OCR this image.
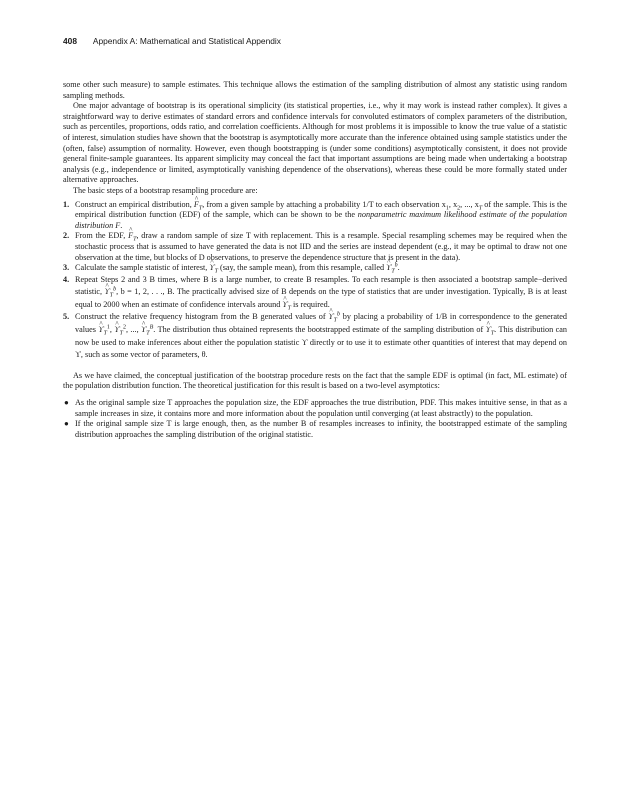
408 Appendix A: Mathematical and Statistical Appendix

some other such measure) to sample estimates. This technique allows the estimation of the sampling distribution of almost any statistic using random sampling methods.

One major advantage of bootstrap is its operational simplicity (its statistical properties, i.e., why it may work is instead rather complex). It gives a straightforward way to derive estimates of standard errors and confidence intervals for convoluted estimators of complex parameters of the distribution, such as percentiles, proportions, odds ratio, and correlation coefficients. Although for most problems it is impossible to know the true value of a statistic of interest, simulation studies have shown that the bootstrap is asymptotically more accurate than the inference obtained using sample statistics under the (often, false) assumption of normality. However, even though bootstrapping is (under some conditions) asymptotically consistent, it does not provide general finite-sample guarantees. Its apparent simplicity may conceal the fact that important assumptions are being made when undertaking a bootstrap analysis (e.g., independence or limited, asymptotically vanishing dependence of the observations), whereas these could be more formally stated under alternative approaches.

The basic steps of a bootstrap resampling procedure are:

1. Construct an empirical distribution, ^ $F_T$, from a given sample by attaching a probability 1/T to each observation $x_1$, $x_2$, ..., $x_T$ of the sample. This is the empirical distribution function (EDF) of the sample, which can be shown to be the nonparametric maximum likelihood estimate of the population distribution F.
2. From the EDF, ^ $F_T$, draw a random sample of size T with replacement. This is a resample. Special resampling schemes may be required when the stochastic process that is assumed to have generated the data is not IID and the series are instead dependent (e.g., it may be optimal to draw not one observation at the time, but blocks of D observations, to preserve the dependence structure that is present in the data).
3. Calculate the sample statistic of interest, ^ $ϒ_T$ (say, the sample mean), from this resample, called ^ $ϒ_T^b$.
4. Repeat Steps 2 and 3 B times, where B is a large number, to create B resamples. To each resample is then associated a bootstrap sample−derived statistic, ^ $ϒ_T^b$, b = 1, 2, . . ., B. The practically advised size of B depends on the type of statistics that are under investigation. Typically, B is at least equal to 2000 when an estimate of confidence intervals around ^ $ϒ_T$ is required.
5. Construct the relative frequency histogram from the B generated values of ^ $ϒ_T^b$ by placing a probability of 1/B in correspondence to the generated values ^ $ϒ_T^1$, ^ $ϒ_T^2$, ..., ^ $ϒ_T^B$. The distribution thus obtained represents the bootstrapped estimate of the sampling distribution of ^ $ϒ_T$. This distribution can now be used to make inferences about either the population statistic ϒ directly or to use it to estimate other quantities of interest that may depend on ϒ, such as some vector of parameters, θ.

As we have claimed, the conceptual justification of the bootstrap procedure rests on the fact that the sample EDF is optimal (in fact, ML estimate) of the population distribution function. The theoretical justification for this result is based on a two-level asymptotics:

● As the original sample size T approaches the population size, the EDF approaches the true distribution, PDF. This makes intuitive sense, in that as a sample increases in size, it contains more and more information about the population until converging (at least abstractly) to the population.
● If the original sample size T is large enough, then, as the number B of resamples increases to infinity, the bootstrapped estimate of the sampling distribution approaches the sampling distribution of the original statistic.
